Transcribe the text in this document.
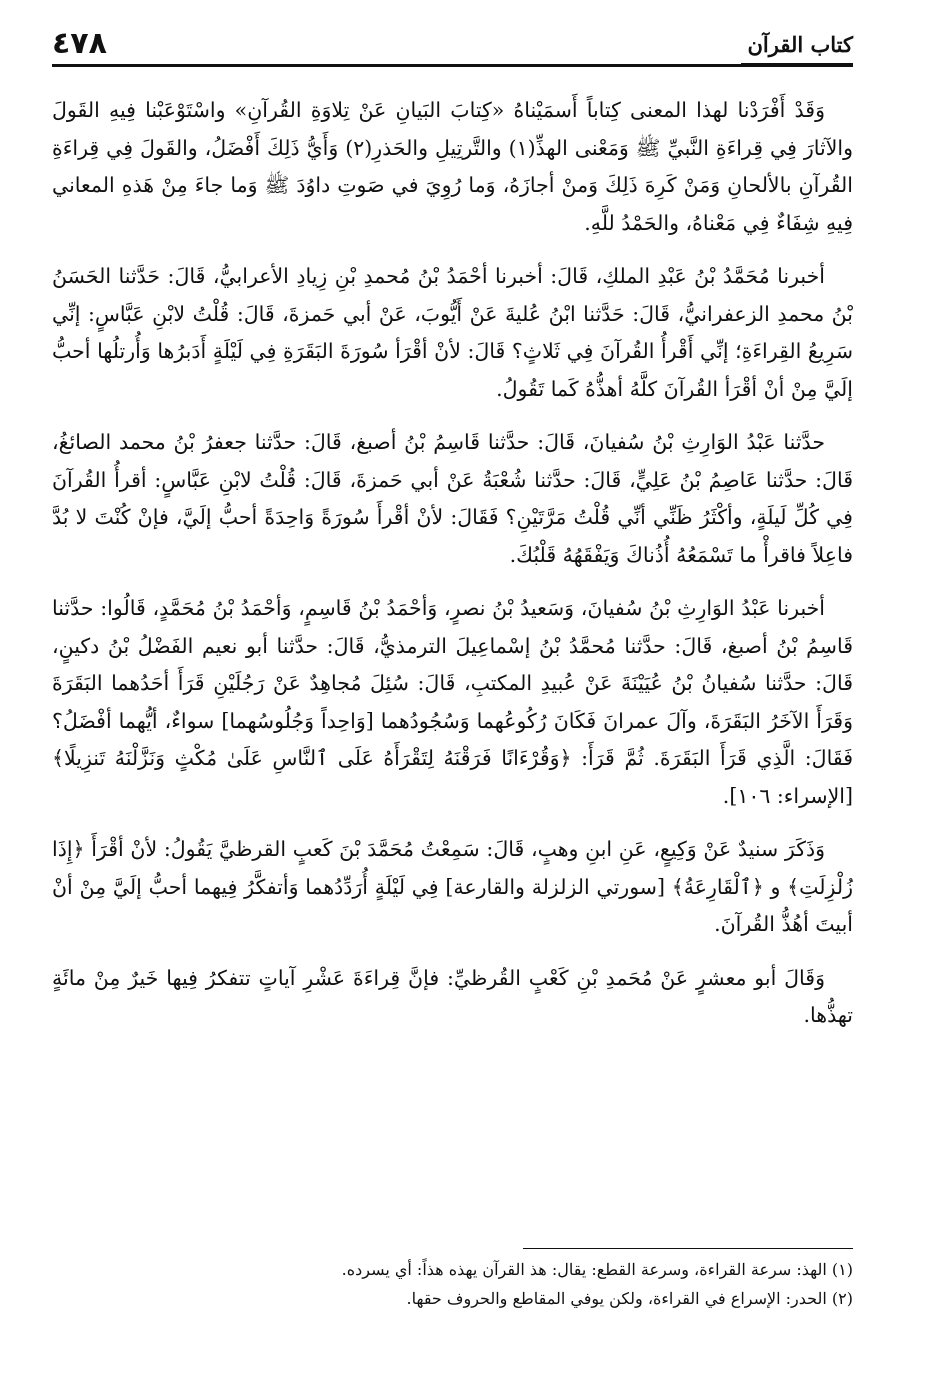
كتاب القرآن
٤٧٨

وَقَدْ أَفْرَدْنا لهذا المعنى كِتاباً أَسمَيْناهُ «كِتابَ البَيانِ عَنْ تِلاوَةِ القُرآنِ» واسْتَوْعَبْنا فِيهِ القَولَ والآثارَ فِي قِراءَةِ النَّبيِّ ﷺ وَمَعْنى الهذِّ(١) والتَّرتِيلِ والحَذرِ(٢) وَأَيُّ ذَلِكَ أَفْضَلُ، والقَولَ فِي قِراءَةِ القُرآنِ بالألحانِ وَمَنْ كَرِهَ ذَلِكَ وَمنْ أجازَهُ، وَما رُوِيَ في صَوتِ داوُدَ ﷺ وَما جاءَ مِنْ هَذهِ المعاني فِيهِ شِفَاءٌ فِي مَعْناهُ، والحَمْدُ للَّهِ.

أخبرنا مُحَمَّدُ بْنُ عَبْدِ الملكِ، قَالَ: أخبرنا أحْمَدُ بْنُ مُحمدِ بْنِ زِيادِ الأعرابيُّ، قَالَ: حَدَّثنا الحَسَنُ بْنُ محمدِ الزعفرانيُّ، قَالَ: حَدَّثنا ابْنُ عُليةَ عَنْ أَيُّوبَ، عَنْ أبي حَمزةَ، قَالَ: قُلْتُ لابْنِ عَبَّاسٍ: إنِّي سَرِيعُ القِراءَةِ؛ إنِّي أَقْرأُ القُرآنَ فِي ثَلاثٍ؟ قَالَ: لأنْ أقْرَأ سُورَةَ البَقَرَةِ فِي لَيْلَةٍ أَدَبرُها وَأُرتلُها أحبُّ إلَيَّ مِنْ أنْ أقْرَأ القُرآنَ كلَّهُ أهذُّهُ كَما تَقُولُ.

حدَّثنا عَبْدُ الوَارِثِ بْنُ سُفيانَ، قَالَ: حدَّثنا قَاسِمُ بْنُ أصبغ، قَالَ: حدَّثنا جعفرُ بْنُ محمد الصائغُ، قَالَ: حدَّثنا عَاصِمُ بْنُ عَلِيٍّ، قَالَ: حدَّثنا شُعْبَةُ عَنْ أبي حَمزةَ، قَالَ: قُلْتُ لابْنِ عَبَّاسٍ: أقرأُ القُرآنَ فِي كُلِّ لَيلَةٍ، وأكْثَرُ ظَنِّي أنِّي قُلْتُ مَرَّتَيْنِ؟ فَقَالَ: لأنْ أقْرأَ سُورَةً وَاحِدَةً أحبُّ إلَيَّ، فإنْ كُنْتَ لا بُدَّ فاعِلاً فاقرأْ ما تَسْمَعُهُ أُذُناكَ وَيَفْقَهُهُ قَلْبُكَ.

أخبرنا عَبْدُ الوَارِثِ بْنُ سُفيانَ، وَسَعيدُ بْنُ نصرٍ، وَأحْمَدُ بْنُ قَاسِمٍ، وَأحْمَدُ بْنُ مُحَمَّدٍ، قَالُوا: حدَّثنا قَاسِمُ بْنُ أصبغ، قَالَ: حدَّثنا مُحمَّدُ بْنُ إسْماعِيلَ الترمذيُّ، قَالَ: حدَّثنا أبو نعيم الفَضْلُ بْنُ دكينٍ، قَالَ: حدَّثنا سُفيانُ بْنُ عُيَيْنَةَ عَنْ عُبيدِ المكتبِ، قَالَ: سُئِلَ مُجاهِدٌ عَنْ رَجُلَيْنِ قَرَأَ أحَدُهما البَقَرَةَ وَقَرَأَ الآخَرُ البَقَرَةَ، وآلَ عمرانَ فَكَانَ رُكُوعُهما وَسُجُودُهما [وَاحِداً وَجُلُوسُهما] سواءٌ، أيُّهما أفْضَلُ؟ فَقَالَ: الَّذِي قَرَأَ البَقَرَةَ. ثُمَّ قَرَأَ: ﴿وَقُرْءَانًا فَرَقْنَهُ لِتَقْرَأَهُ عَلَى ٱلنَّاسِ عَلَىٰ مُكْثٍ وَنَزَّلْنَهُ تَنزِيلًا﴾ [الإسراء: ١٠٦].

وَذَكَرَ سنيدٌ عَنْ وَكِيعٍ، عَنِ ابنِ وهبٍ، قَالَ: سَمِعْتُ مُحَمَّدَ بْنَ كَعبٍ القرظيَّ يَقُولُ: لأنْ أقْرَأَ ﴿إِذَا زُلْزِلَتِ﴾ و ﴿ٱلْقَارِعَةُ﴾ [سورتي الزلزلة والقارعة] فِي لَيْلَةٍ أُرَدِّدُهما وَأتفكَّرُ فِيهما أحبُّ إلَيَّ مِنْ أنْ أبيتَ أهُذُّ القُرآنَ.

وَقَالَ أبو معشرٍ عَنْ مُحَمدِ بْنِ كَعْبٍ القُرظيِّ: فإنَّ قِراءَةَ عَشْرِ آياتٍ تتفكرُ فِيها خَيرٌ مِنْ مائَةٍ تهذُّها.

(١) الهذ: سرعة القراءة، وسرعة القطع: يقال: هذ القرآن يهذه هذاً: أي يسرده.

(٢) الحدر: الإسراع في القراءة، ولكن يوفي المقاطع والحروف حقها.
